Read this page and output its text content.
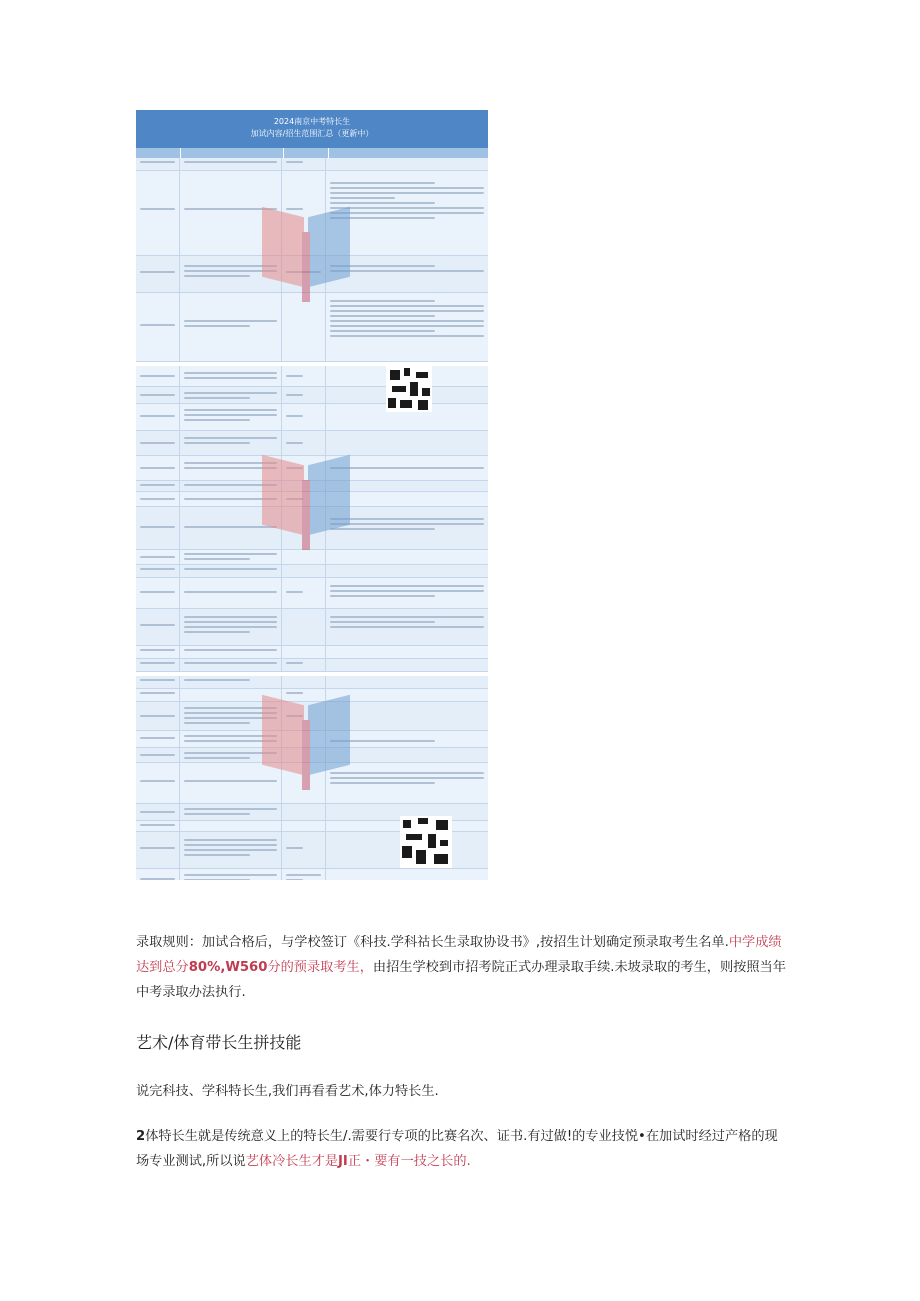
2024南京中考特长生
加试内容/招生范围汇总（更新中）
录取规则：加试合格后，与学校签订《科技.学科祜长生录取协设书》,按招生计划确定预录取考生名单.中学成绩达到总分80%,W560分的预录取考生，由招生学校到市招考院正式办理录取手续.未坡录取的考生，则按照当年中考录取办法执行.
艺术/体育带长生拼技能
说完科技、学科特长生,我们再看看艺术,体力特长生.
2体特长生就是传统意义上的特长生/.需要行专项的比赛名次、证书.有过做!的专业技悦•在加试时经过产格的现场专业测试,所以说艺体冷长生才是JI正・要有一技之长的.
